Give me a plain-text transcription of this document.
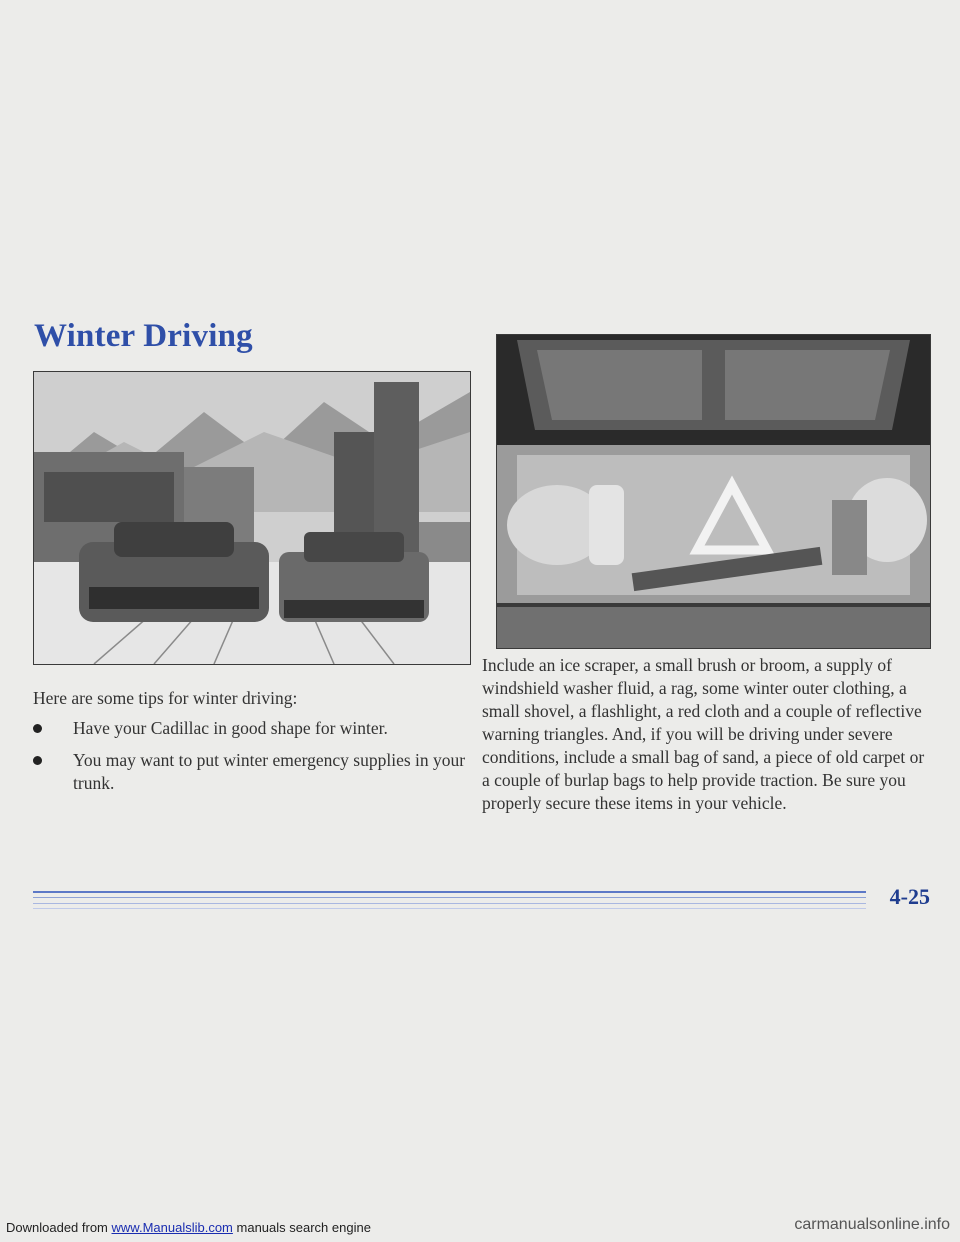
Winter Driving

Here are some tips for winter driving:

Have your Cadillac in good shape for winter.
You may want to put winter emergency supplies in your trunk.

Include an ice scraper, a small brush or broom, a supply of windshield washer fluid, a rag, some winter outer clothing, a small shovel, a flashlight, a red cloth and a couple of reflective warning triangles. And, if you will be driving under severe conditions, include a small bag of sand, a piece of old carpet or a couple of burlap bags to help provide traction. Be sure you properly secure these items in your vehicle.

4-25

Downloaded from www.Manualslib.com manuals search engine	carmanualsonline.info
